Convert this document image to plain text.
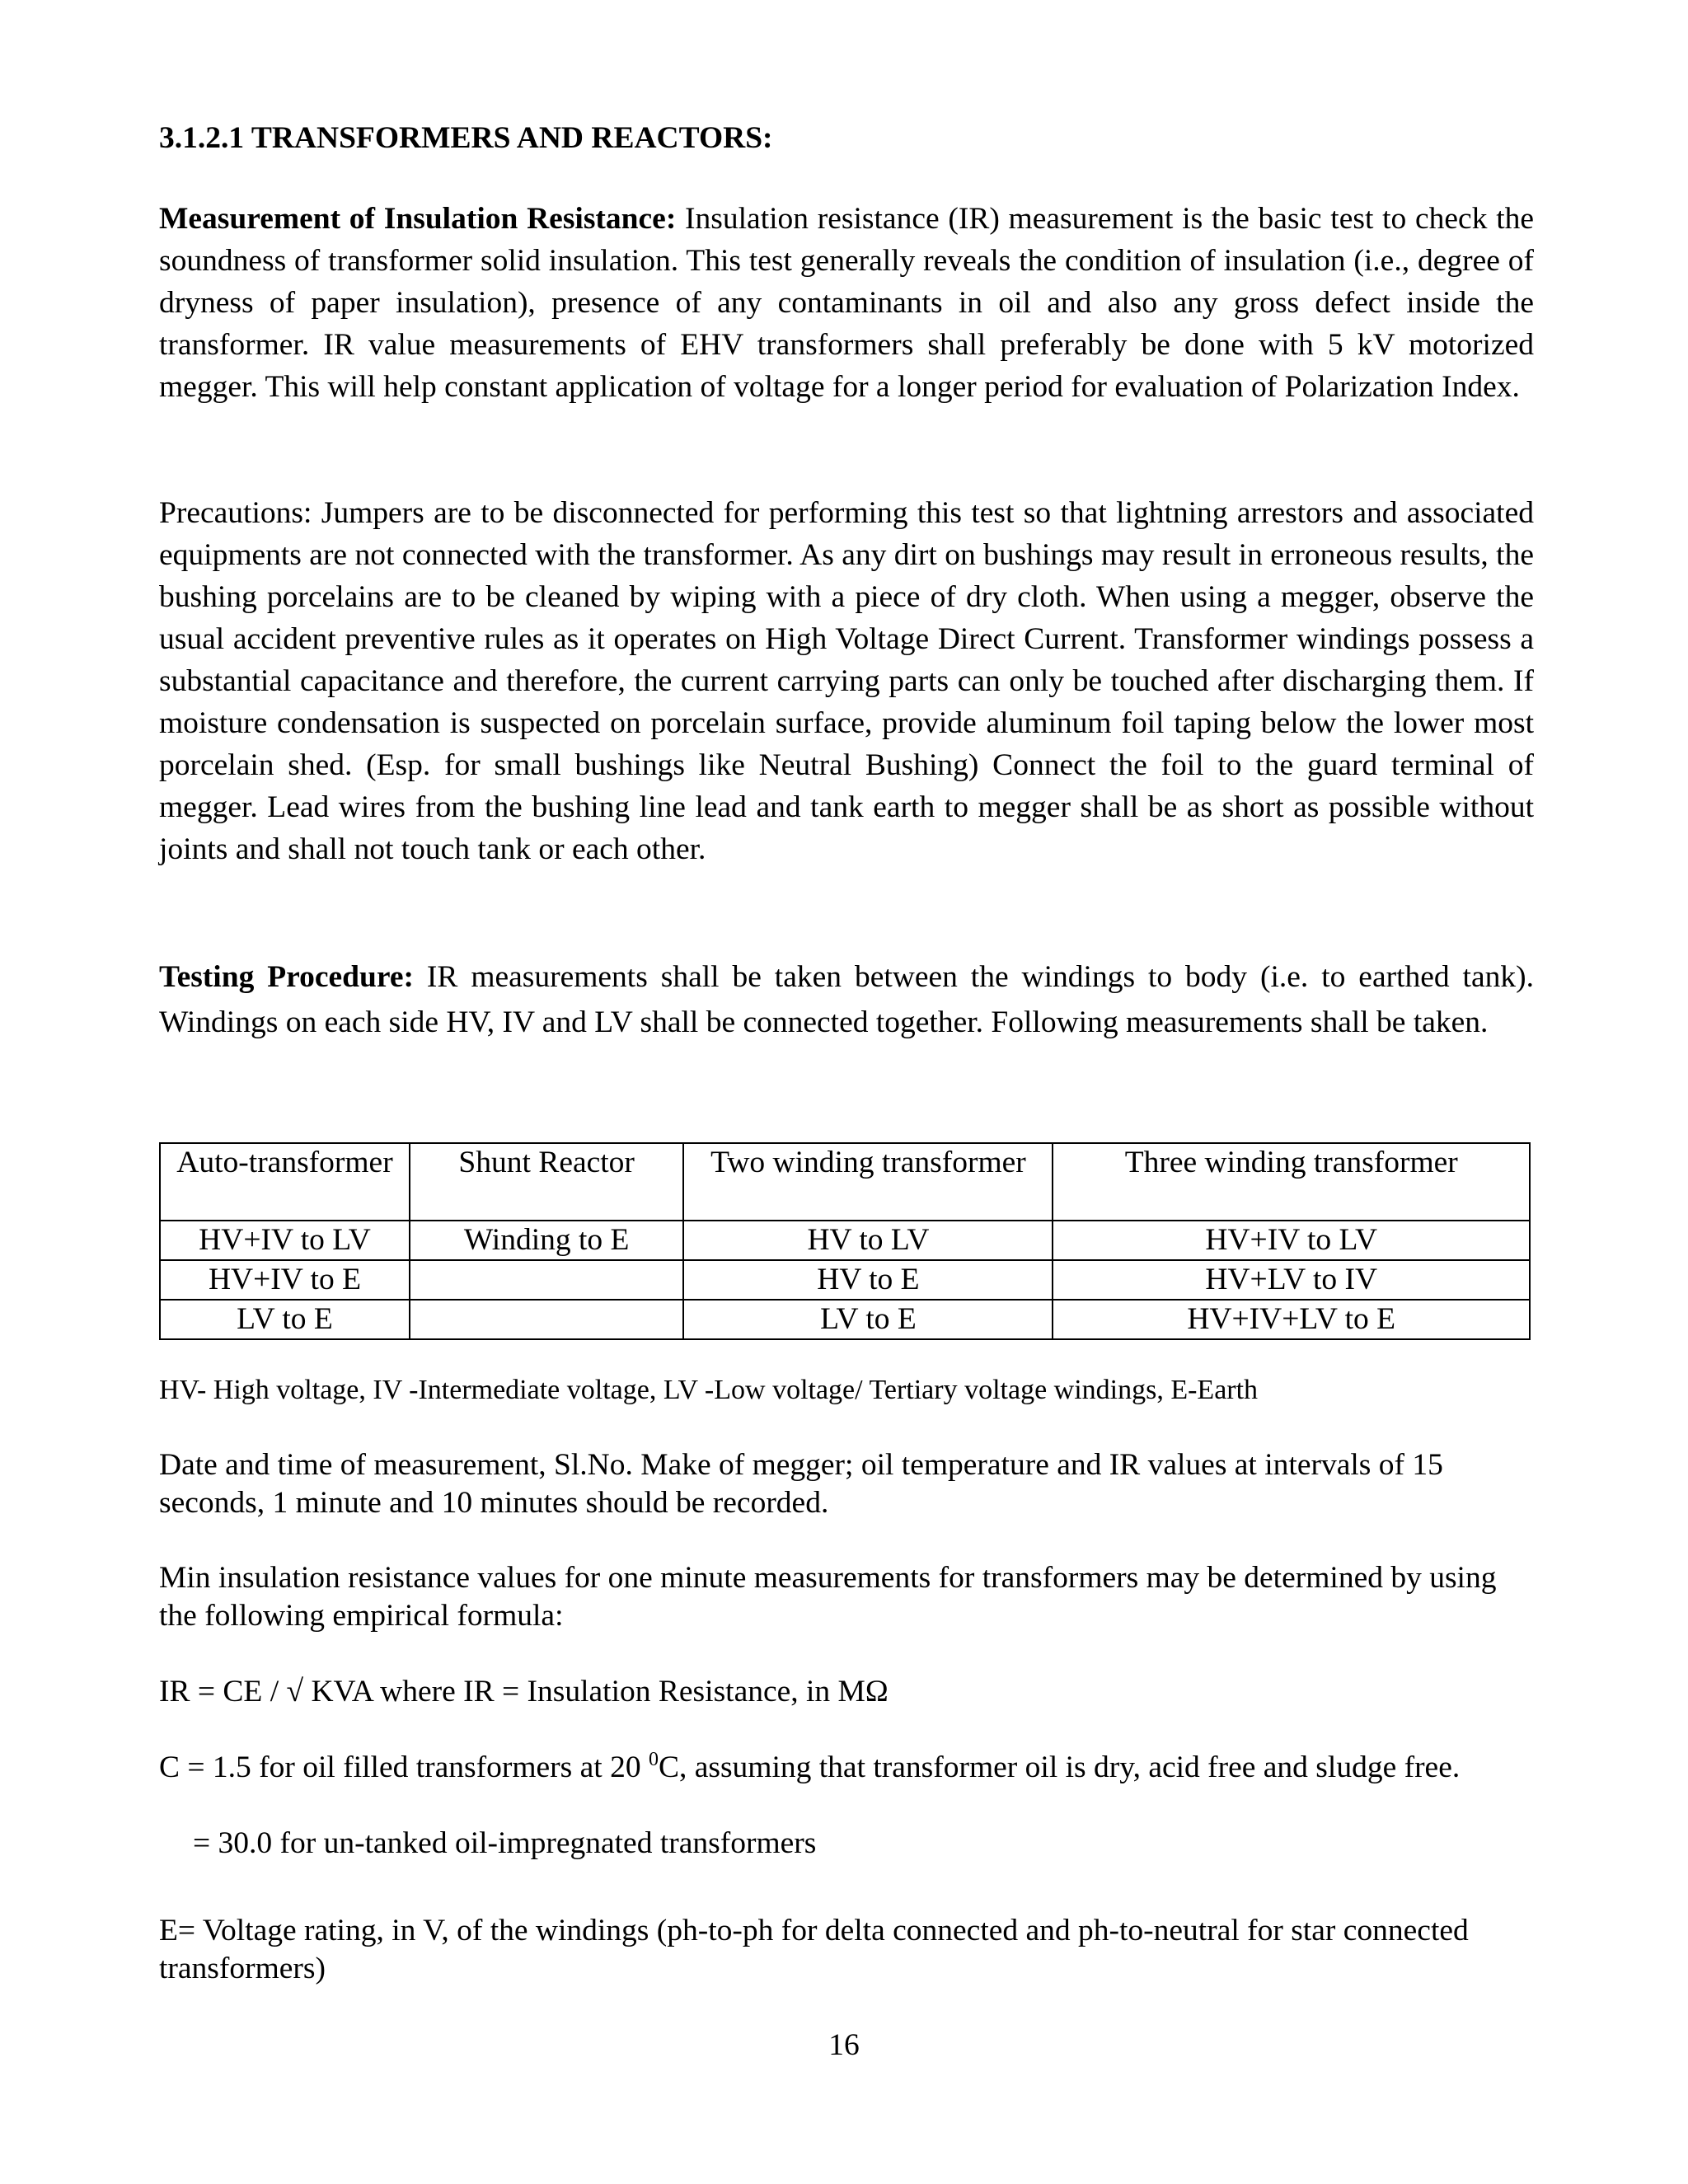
3.1.2.1 TRANSFORMERS AND REACTORS:

Measurement of Insulation Resistance: Insulation resistance (IR) measurement is the basic test to check the soundness of transformer solid insulation. This test generally reveals the condition of insulation (i.e., degree of dryness of paper insulation), presence of any contaminants in oil and also any gross defect inside the transformer. IR value measurements of EHV transformers shall preferably be done with 5 kV motorized megger. This will help constant application of voltage for a longer period for evaluation of Polarization Index.

Precautions: Jumpers are to be disconnected for performing this test so that lightning arrestors and associated equipments are not connected with the transformer. As any dirt on bushings may result in erroneous results, the bushing porcelains are to be cleaned by wiping with a piece of dry cloth. When using a megger, observe the usual accident preventive rules as it operates on High Voltage Direct Current. Transformer windings possess a substantial capacitance and therefore, the current carrying parts can only be touched after discharging them. If moisture condensation is suspected on porcelain surface, provide aluminum foil taping below the lower most porcelain shed. (Esp. for small bushings like Neutral Bushing) Connect the foil to the guard terminal of megger. Lead wires from the bushing line lead and tank earth to megger shall be as short as possible without joints and shall not touch tank or each other.

Testing Procedure: IR measurements shall be taken between the windings to body (i.e. to earthed tank). Windings on each side HV, IV and LV shall be connected together. Following measurements shall be taken.

Auto-transformer	Shunt Reactor	Two winding transformer	Three winding transformer
HV+IV to LV	Winding to E	HV to LV	HV+IV to LV
HV+IV to E		HV to E	HV+LV to IV
LV to E		LV to E	HV+IV+LV to E

HV- High voltage, IV -Intermediate voltage, LV -Low voltage/ Tertiary voltage windings, E-Earth

Date and time of measurement, Sl.No. Make of megger; oil temperature and IR values at intervals of 15 seconds, 1 minute and 10 minutes should be recorded.

Min insulation resistance values for one minute measurements for transformers may be determined by using the following empirical formula:

IR = CE / √ KVA where IR = Insulation Resistance, in MΩ

C = 1.5 for oil filled transformers at 20 $^0$C, assuming that transformer oil is dry, acid free and sludge free.

= 30.0 for un-tanked oil-impregnated transformers

E= Voltage rating, in V, of the windings (ph-to-ph for delta connected and ph-to-neutral for star connected transformers)

16
